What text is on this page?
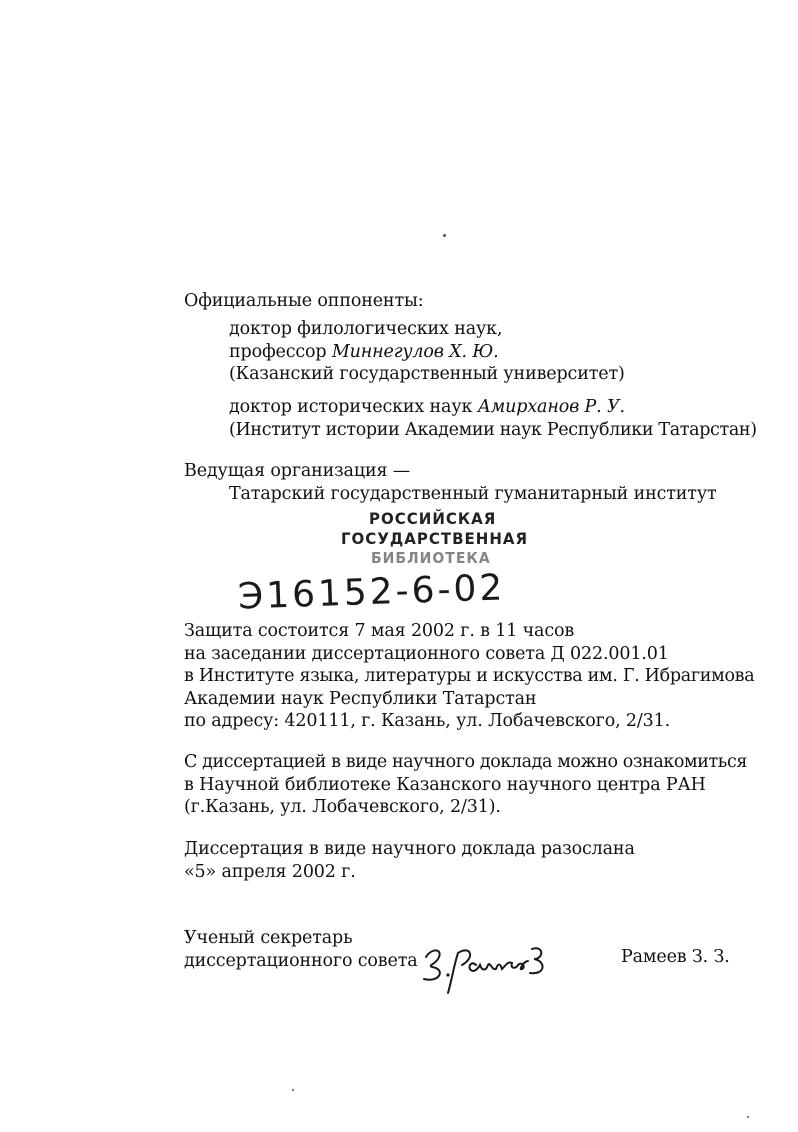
Официальные оппоненты:
доктор филологических наук,
профессор Миннегулов Х. Ю.
(Казанский государственный университет)
доктор исторических наук Амирханов Р. У.
(Институт истории Академии наук Республики Татарстан)
Ведущая организация —
Татарский государственный гуманитарный институт
РОССИЙСКАЯ
ГОСУДАРСТВЕННАЯ
БИБЛИОТЕКА
Э16152-6-02
Защита состоится 7 мая 2002 г. в 11 часов
на заседании диссертационного совета Д 022.001.01
в Институте языка, литературы и искусства им. Г. Ибрагимова
Академии наук Республики Татарстан
по адресу: 420111, г. Казань, ул. Лобачевского, 2/31.
С диссертацией в виде научного доклада можно ознакомиться
в Научной библиотеке Казанского научного центра РАН
(г.Казань, ул. Лобачевского, 2/31).
Диссертация в виде научного доклада разослана
«5» апреля 2002 г.
Ученый секретарь
диссертационного совета	Рамеев З. З.
